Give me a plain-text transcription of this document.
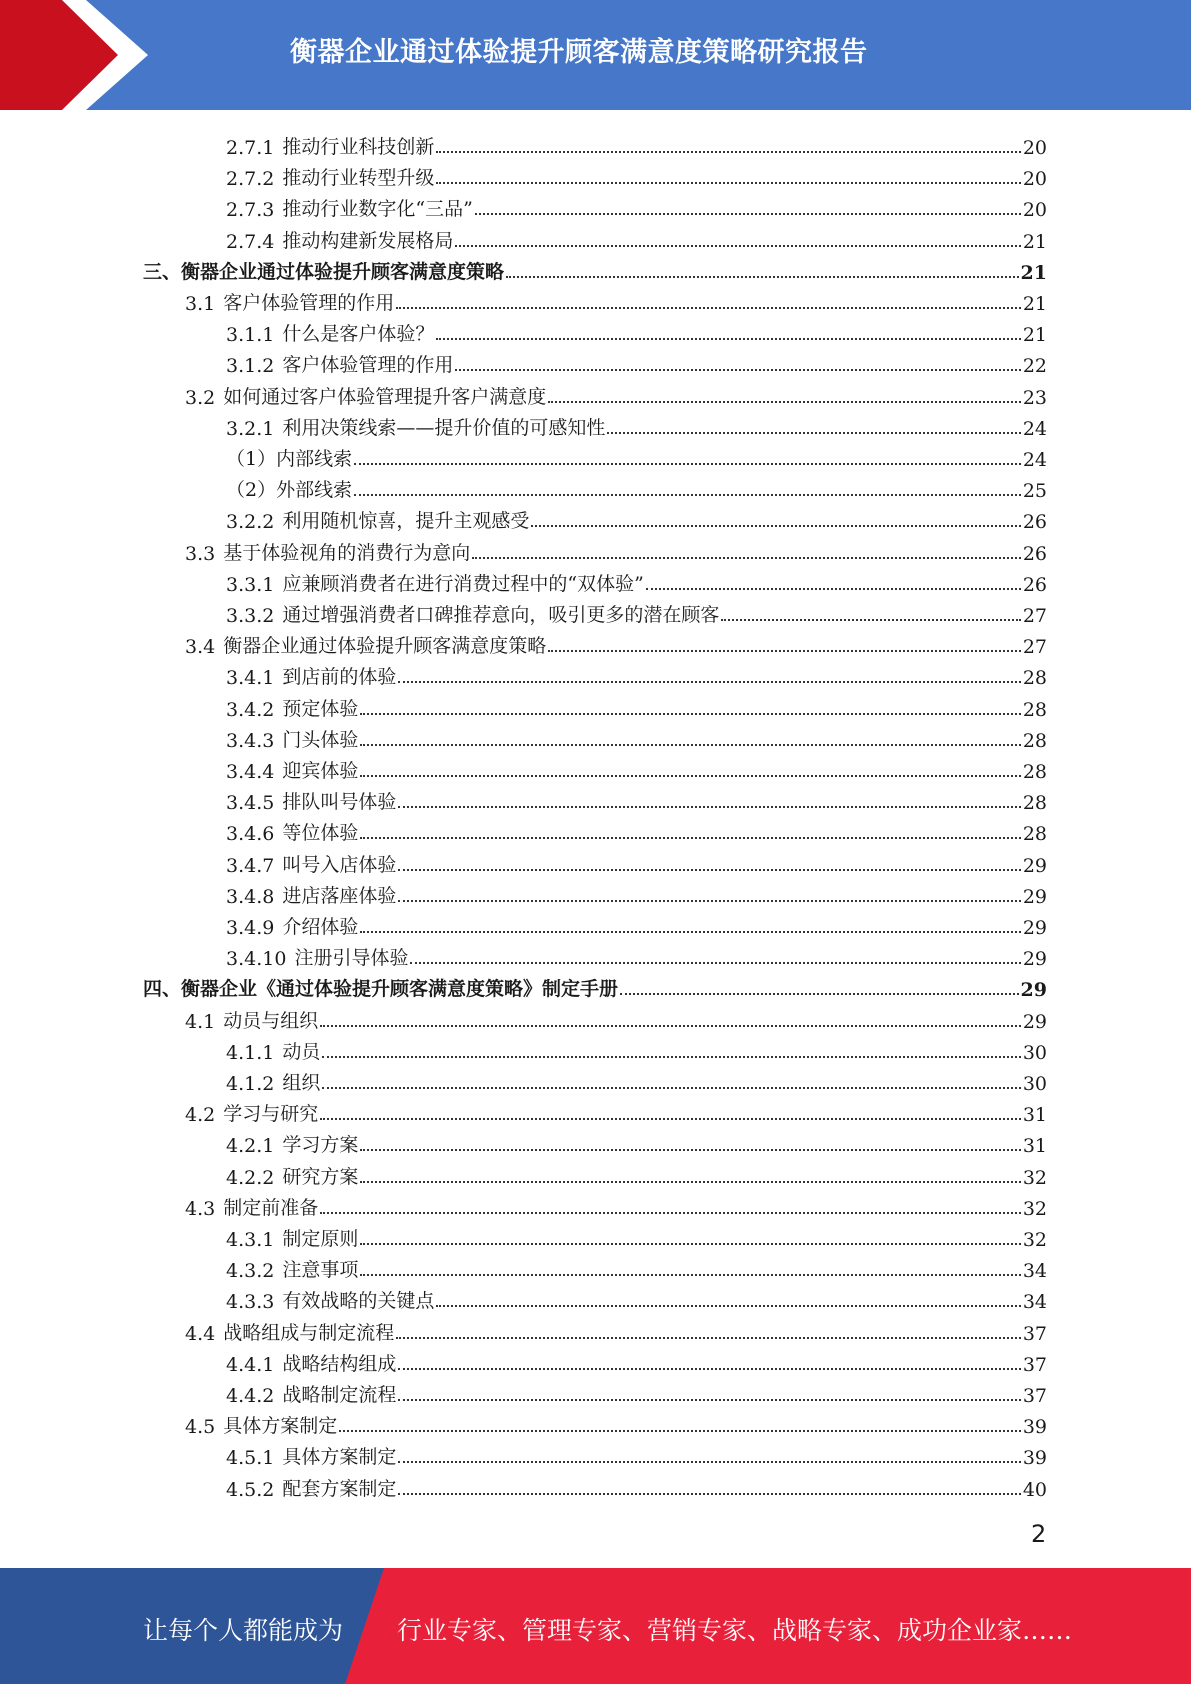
衡器企业通过体验提升顾客满意度策略研究报告
2.7.1 推动行业科技创新	20
2.7.2 推动行业转型升级	20
2.7.3 推动行业数字化“三品”	20
2.7.4 推动构建新发展格局	21
三、衡器企业通过体验提升顾客满意度策略	21
3.1 客户体验管理的作用	21
3.1.1 什么是客户体验？	21
3.1.2 客户体验管理的作用	22
3.2 如何通过客户体验管理提升客户满意度	23
3.2.1 利用决策线索——提升价值的可感知性	24
（1）内部线索	24
（2）外部线索	25
3.2.2 利用随机惊喜，提升主观感受	26
3.3 基于体验视角的消费行为意向	26
3.3.1 应兼顾消费者在进行消费过程中的“双体验”	26
3.3.2 通过增强消费者口碑推荐意向，吸引更多的潜在顾客	27
3.4 衡器企业通过体验提升顾客满意度策略	27
3.4.1 到店前的体验	28
3.4.2 预定体验	28
3.4.3 门头体验	28
3.4.4 迎宾体验	28
3.4.5 排队叫号体验	28
3.4.6 等位体验	28
3.4.7 叫号入店体验	29
3.4.8 进店落座体验	29
3.4.9 介绍体验	29
3.4.10 注册引导体验	29
四、衡器企业《通过体验提升顾客满意度策略》制定手册	29
4.1 动员与组织	29
4.1.1 动员	30
4.1.2 组织	30
4.2 学习与研究	31
4.2.1 学习方案	31
4.2.2 研究方案	32
4.3 制定前准备	32
4.3.1 制定原则	32
4.3.2 注意事项	34
4.3.3 有效战略的关键点	34
4.4 战略组成与制定流程	37
4.4.1 战略结构组成	37
4.4.2 战略制定流程	37
4.5 具体方案制定	39
4.5.1 具体方案制定	39
4.5.2 配套方案制定	40
2
让每个人都能成为 行业专家、管理专家、营销专家、战略专家、成功企业家……
